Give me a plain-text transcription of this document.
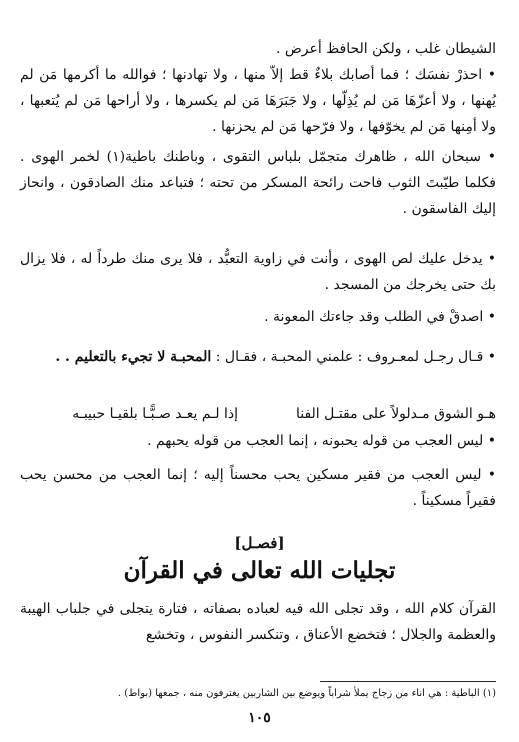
الشيطان غلب ، ولكن الحافظ أعرض .
• احذرْ نفسَك ؛ فما أصابك بلاءٌ قط إلاّ منها ، ولا تهادنها ؛ فوالله ما أكرمها مَن لم يُهنها ، ولا أعزّهَا مَن لم يُذِلّها ، ولا جَبَرَهَا مَن لم يكسرها ، ولا أراحها مَن لم يُتعبها ، ولا أمِنها مَن لم يخوّفها ، ولا فرّحها مَن لم يحزنها .
• سبحان الله ، ظاهرك متجمّل بلباس التقوى ، وباطنك باطية(١) لخمر الهوى . فكلما طيّبتَ الثوب فاحت رائحة المسكر من تحته ؛ فتباعد منك الصادقون ، وانحاز إليك الفاسقون .
• يدخل عليك لص الهوى ، وأنت في زاوية التعبُّد ، فلا يرى منك طرداً له ، فلا يزال بك حتى يخرجك من المسجد .
• اصدقْ في الطلب وقد جاءتك المعونة .
• قـال رجـل لمعـروف : علمني المحبـة ، فقـال : المحبـة لا تجيء بالتعليم . .
هـو الشوق مـدلولاً على مقتـل الفنا
إذا لـم يعـد صـبًّـا بلقيـا حبيبـه
• ليس العجب من قوله يحبونه ، إنما العجب من قوله يحبهم .
• ليس العجب من فقير مسكين يحب محسناً إليه ؛ إنما العجب من محسن يحب فقيراً مسكيناً .
[فصـل]
تجليات الله تعالى في القرآن
القرآن كلام الله ، وقد تجلى الله فيه لعباده بصفاته ، فتارة يتجلى في جلباب الهيبة والعظمة والجلال ؛ فتخضع الأعناق ، وتنكسر النفوس ، وتخشع
(١) الباطية : هي اناء من زجاج يملأ شراباً ويوضع بين الشاربين يغترفون منه ، جمعها (بواط) .
١٠٥
